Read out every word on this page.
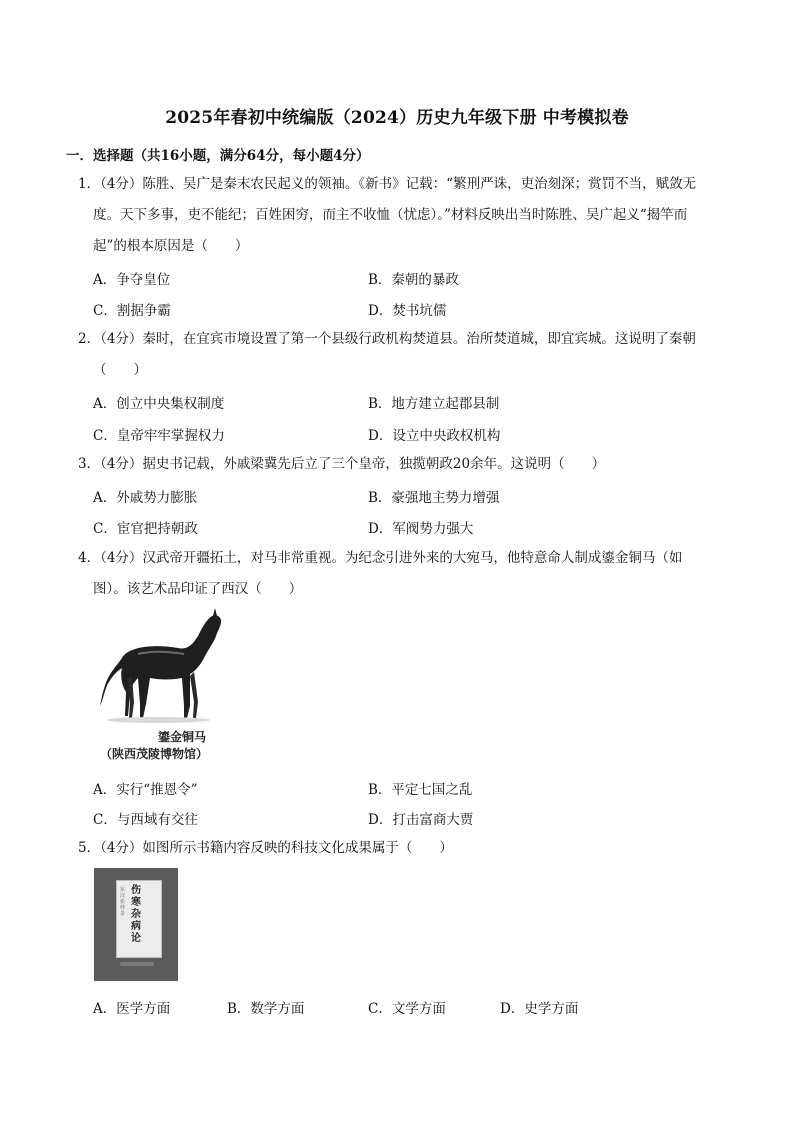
2025年春初中统编版（2024）历史九年级下册 中考模拟卷
一．选择题（共16小题，满分64分，每小题4分）
1．（4分）陈胜、吴广是秦末农民起义的领袖。《新书》记载：“繁刑严诛，吏治刻深；赏罚不当，赋敛无
度。天下多事，吏不能纪；百姓困穷，而主不收恤（忧虑）。”材料反映出当时陈胜、吴广起义“揭竿而
起”的根本原因是（　　）
A．争夺皇位	B．秦朝的暴政
C．割据争霸	D．焚书坑儒
2．（4分）秦时，在宜宾市境设置了第一个县级行政机构焚道县。治所焚道城，即宜宾城。这说明了秦朝
（　　）
A．创立中央集权制度	B．地方建立起郡县制
C．皇帝牢牢掌握权力	D．设立中央政权机构
3．（4分）据史书记载，外戚梁冀先后立了三个皇帝，独揽朝政20余年。这说明（　　）
A．外戚势力膨胀	B．豪强地主势力增强
C．宦官把持朝政	D．军阀势力强大
4．（4分）汉武帝开疆拓土，对马非常重视。为纪念引进外来的大宛马，他特意命人制成鎏金铜马（如
图）。该艺术品印证了西汉（　　）
鎏金铜马
（陕西茂陵博物馆）
A．实行“推恩令”	B．平定七国之乱
C．与西域有交往	D．打击富商大贾
5．（4分）如图所示书籍内容反映的科技文化成果属于（　　）
伤寒杂病论
东汉张仲景
A．医学方面	B．数学方面	C．文学方面	D．史学方面
